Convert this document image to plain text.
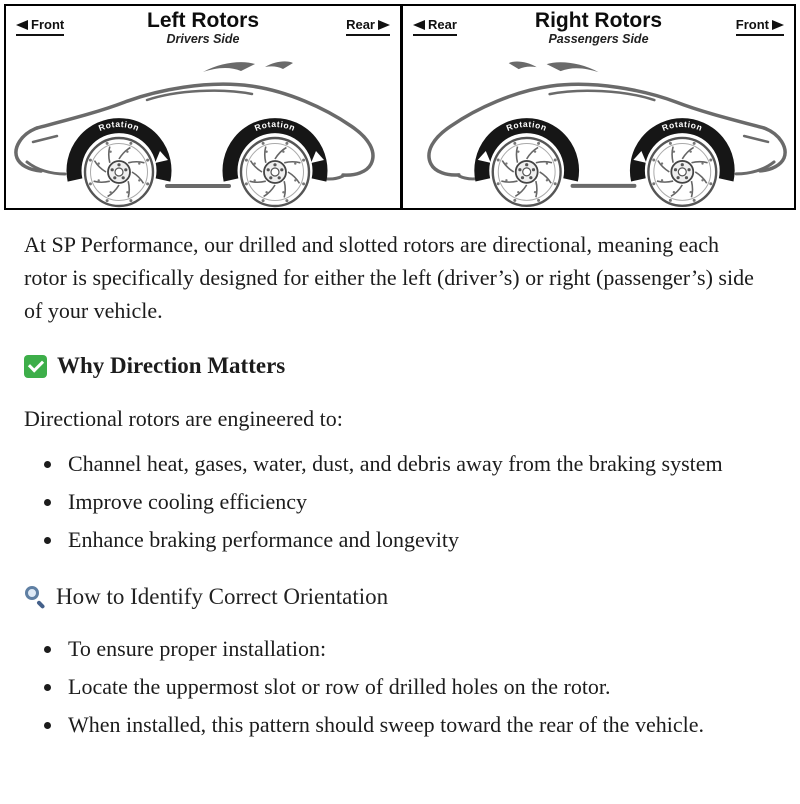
Front	Left Rotors
Drivers Side
Rear
Rotation	Rotation
Rear	Right Rotors
Passengers Side
Front
Rotation	Rotation

At SP Performance, our drilled and slotted rotors are directional, meaning each rotor is specifically designed for either the left (driver’s) or right (passenger’s) side of your vehicle.

Why Direction Matters

Directional rotors are engineered to:

• Channel heat, gases, water, dust, and debris away from the braking system
• Improve cooling efficiency
• Enhance braking performance and longevity
How to Identify Correct Orientation
• To ensure proper installation:
• Locate the uppermost slot or row of drilled holes on the rotor.
• When installed, this pattern should sweep toward the rear of the vehicle.
